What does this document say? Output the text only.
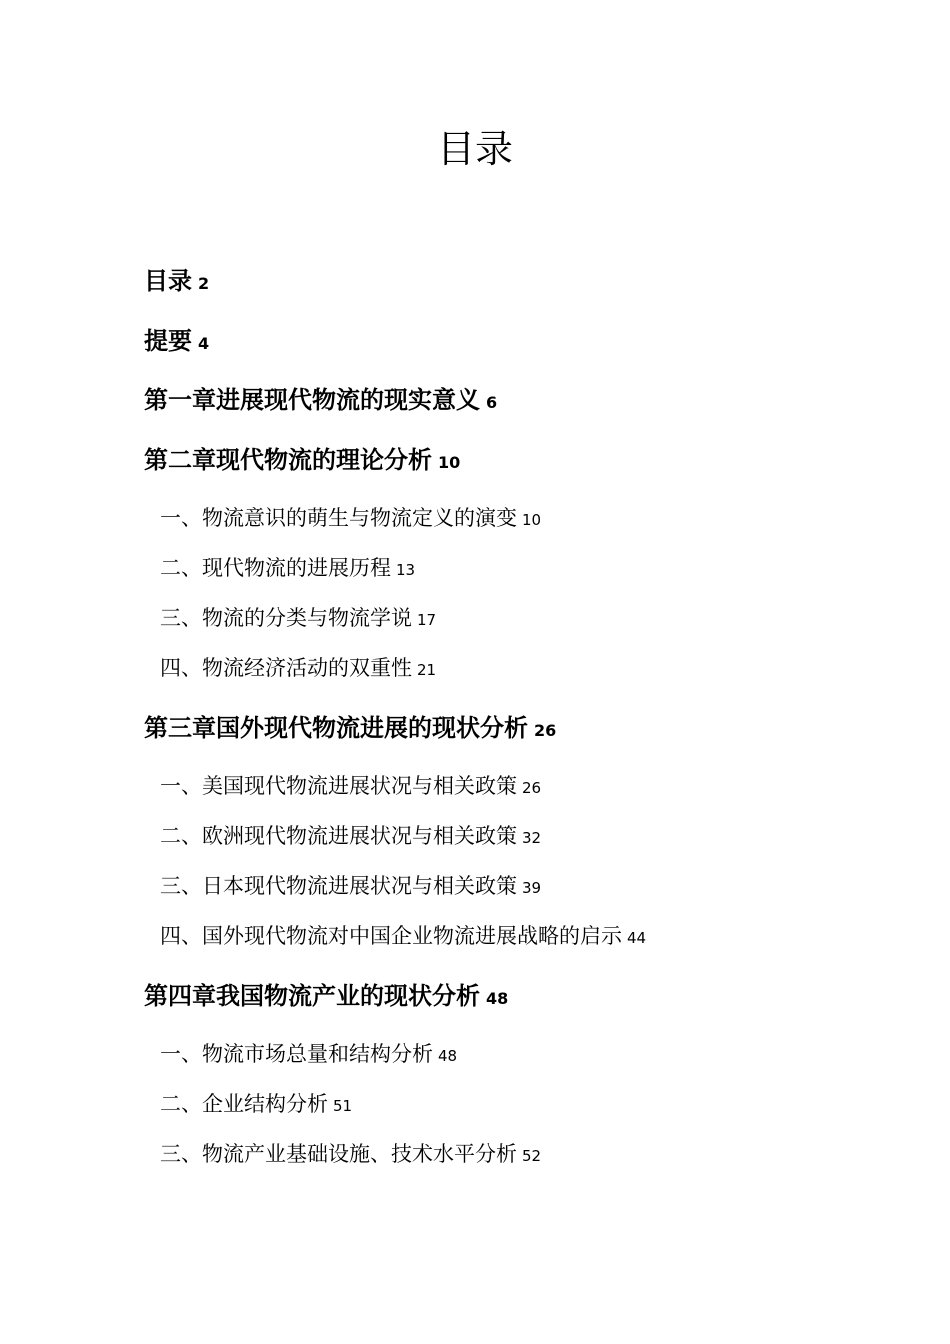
目录
目录 2
提要 4
第一章进展现代物流的现实意义 6
第二章现代物流的理论分析 10
一、物流意识的萌生与物流定义的演变 10
二、现代物流的进展历程 13
三、物流的分类与物流学说 17
四、物流经济活动的双重性 21
第三章国外现代物流进展的现状分析 26
一、美国现代物流进展状况与相关政策 26
二、欧洲现代物流进展状况与相关政策 32
三、日本现代物流进展状况与相关政策 39
四、国外现代物流对中国企业物流进展战略的启示 44
第四章我国物流产业的现状分析 48
一、物流市场总量和结构分析 48
二、企业结构分析 51
三、物流产业基础设施、技术水平分析 52
